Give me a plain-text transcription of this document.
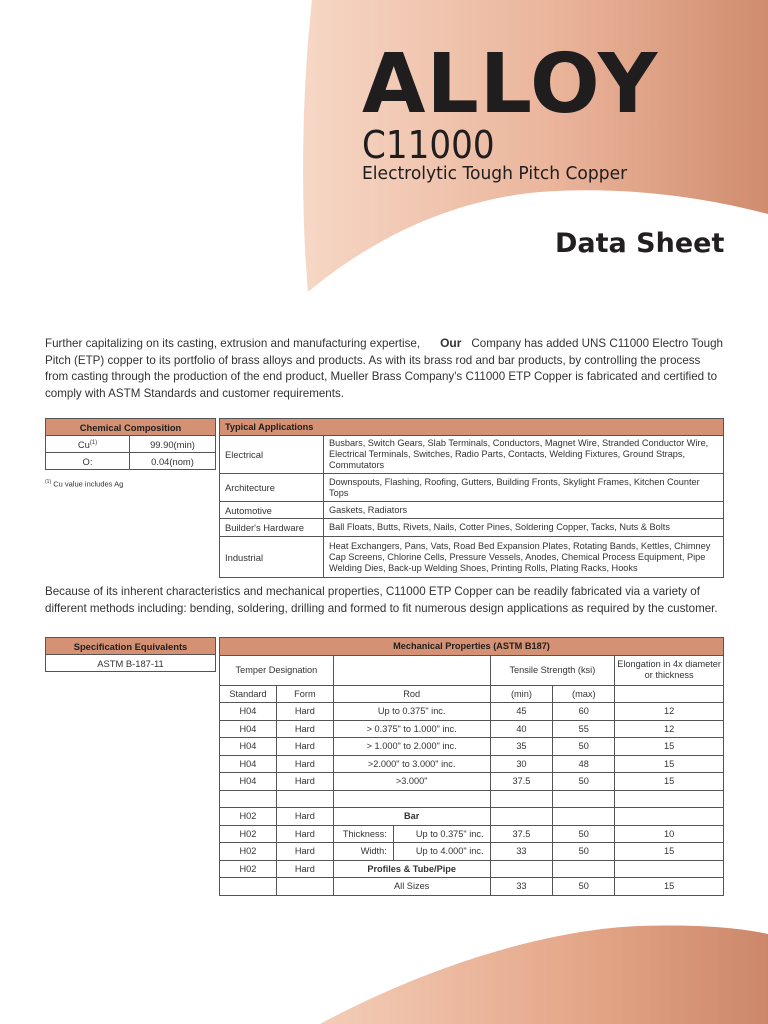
ALLOY
C11000
Electrolytic Tough Pitch Copper
Data Sheet

Further capitalizing on its casting, extrusion and manufacturing expertise, Our Company has added UNS C11000 Electro Tough Pitch (ETP) copper to its portfolio of brass alloys and products. As with its brass rod and bar products, by controlling the process from casting through the production of the end product, Mueller Brass Company's C11000 ETP Copper is fabricated and certified to comply with ASTM Standards and customer requirements.

Chemical Composition	
Cu$^{(1)}$	99.90(min)
O:	0.04(nom)
$^{(1)}$ Cu value includes Ag
Typical Applications	
Electrical	Busbars, Switch Gears, Slab Terminals, Conductors, Magnet Wire, Stranded Conductor Wire, Electrical Terminals, Switches, Radio Parts, Contacts, Welding Fixtures, Ground Straps, Commutators
Architecture	Downspouts, Flashing, Roofing, Gutters, Building Fronts, Skylight Frames, Kitchen Counter Tops
Automotive	Gaskets, Radiators
Builder's Hardware	Ball Floats, Butts, Rivets, Nails, Cotter Pines, Soldering Copper, Tacks, Nuts & Bolts
Industrial	Heat Exchangers, Pans, Vats, Road Bed Expansion Plates, Rotating Bands, Kettles, Chimney Cap Screens, Chlorine Cells, Pressure Vessels, Anodes, Chemical Process Equipment, Pipe Welding Dies, Back-up Welding Shoes, Printing Rolls, Plating Racks, Hooks

Because of its inherent characteristics and mechanical properties, C11000 ETP Copper can be readily fabricated via a variety of different methods including: bending, soldering, drilling and formed to fit numerous design applications as required by the customer.

Specification Equivalents
ASTM B-187-11
Mechanical Properties (ASTM B187)						
Temper Designation				Tensile Strength (ksi)		Elongation in 4x diameter or thickness
Standard	Form	Rod		(min)	(max)	
H04	Hard	Up to 0.375" inc.		45	60	12
H04	Hard	> 0.375" to 1.000" inc.		40	55	12
H04	Hard	> 1.000" to 2.000" inc.		35	50	15
H04	Hard	>2.000" to 3.000" inc.		30	48	15
H04	Hard	>3.000"		37.5	50	15

H02	Hard	Bar				
H02	Hard	Thickness:	Up to 0.375" inc.	37.5	50	10
H02	Hard	Width:	Up to 4.000" inc.	33	50	15
H02	Hard	Profiles & Tube/Pipe				
		All Sizes		33	50	15
